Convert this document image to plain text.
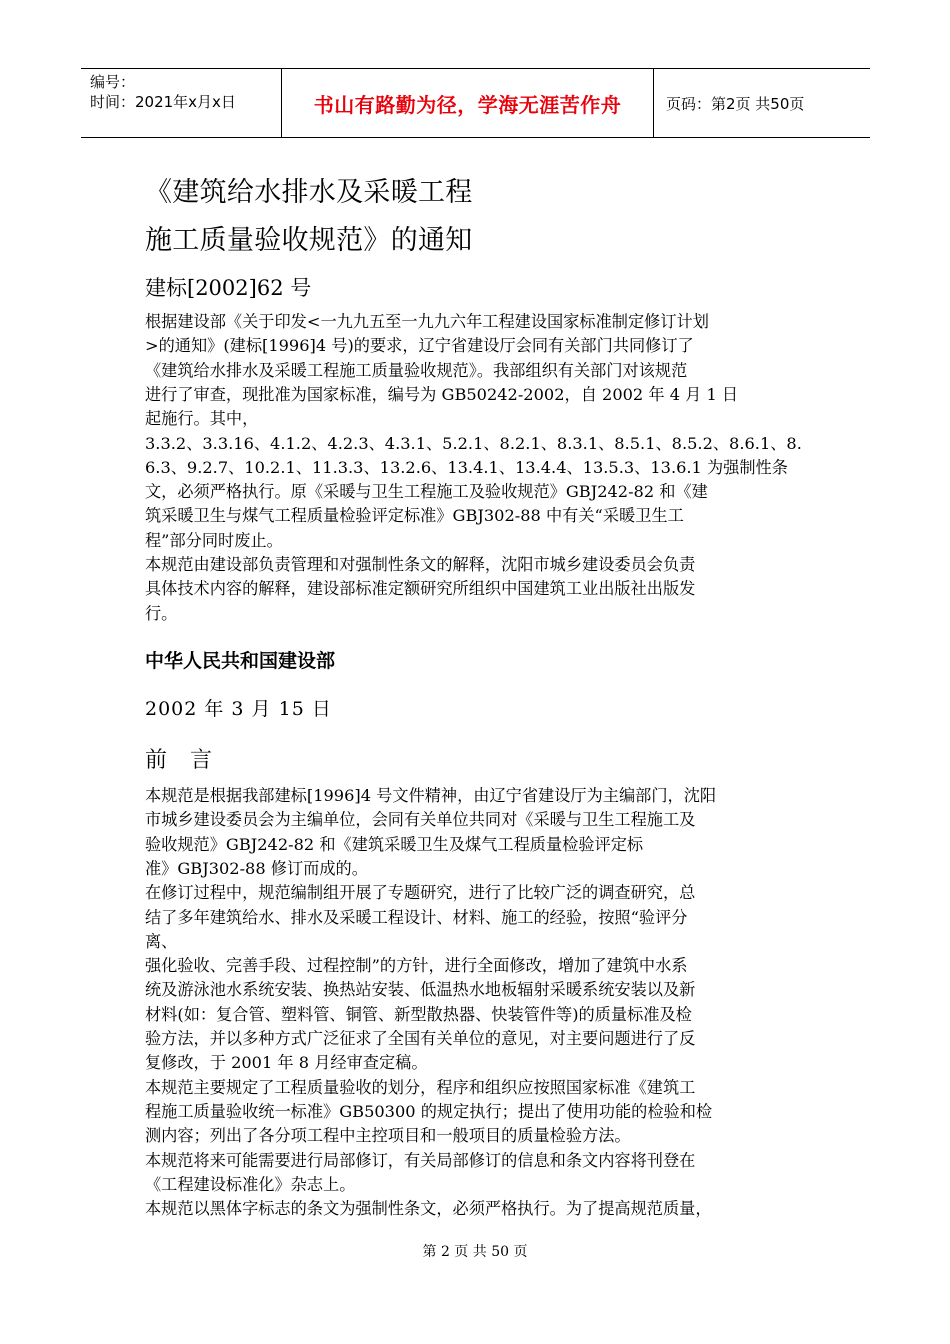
编号：
时间：2021年x月x日	书山有路勤为径，学海无涯苦作舟	页码：第2页 共50页
《建筑给水排水及采暖工程
施工质量验收规范》的通知
建标[2002]62 号
根据建设部《关于印发<一九九五至一九九六年工程建设国家标准制定修订计划
>的通知》(建标[1996]4 号)的要求，辽宁省建设厅会同有关部门共同修订了
《建筑给水排水及采暖工程施工质量验收规范》。我部组织有关部门对该规范
进行了审查，现批准为国家标准，编号为 GB50242-2002，自 2002 年 4 月 1 日
起施行。其中，
3.3.2、3.3.16、4.1.2、4.2.3、4.3.1、5.2.1、8.2.1、8.3.1、8.5.1、8.5.2、8.6.1、8.
6.3、9.2.7、10.2.1、11.3.3、13.2.6、13.4.1、13.4.4、13.5.3、13.6.1 为强制性条
文，必须严格执行。原《采暖与卫生工程施工及验收规范》GBJ242-82 和《建
筑采暖卫生与煤气工程质量检验评定标准》GBJ302-88 中有关“采暖卫生工
程”部分同时废止。
本规范由建设部负责管理和对强制性条文的解释，沈阳市城乡建设委员会负责
具体技术内容的解释，建设部标准定额研究所组织中国建筑工业出版社出版发
行。
中华人民共和国建设部
2002 年 3 月 15 日
前 言
本规范是根据我部建标[1996]4 号文件精神，由辽宁省建设厅为主编部门，沈阳
市城乡建设委员会为主编单位，会同有关单位共同对《采暖与卫生工程施工及
验收规范》GBJ242-82 和《建筑采暖卫生及煤气工程质量检验评定标
准》GBJ302-88 修订而成的。
在修订过程中，规范编制组开展了专题研究，进行了比较广泛的调查研究，总
结了多年建筑给水、排水及采暖工程设计、材料、施工的经验，按照“验评分
离、
强化验收、完善手段、过程控制”的方针，进行全面修改，增加了建筑中水系
统及游泳池水系统安装、换热站安装、低温热水地板辐射采暖系统安装以及新
材料(如：复合管、塑料管、铜管、新型散热器、快装管件等)的质量标准及检
验方法，并以多种方式广泛征求了全国有关单位的意见，对主要问题进行了反
复修改，于 2001 年 8 月经审查定稿。
本规范主要规定了工程质量验收的划分，程序和组织应按照国家标准《建筑工
程施工质量验收统一标准》GB50300 的规定执行；提出了使用功能的检验和检
测内容；列出了各分项工程中主控项目和一般项目的质量检验方法。
本规范将来可能需要进行局部修订，有关局部修订的信息和条文内容将刊登在
《工程建设标准化》杂志上。
本规范以黑体字标志的条文为强制性条文，必须严格执行。为了提高规范质量，
第 2 页 共 50 页
